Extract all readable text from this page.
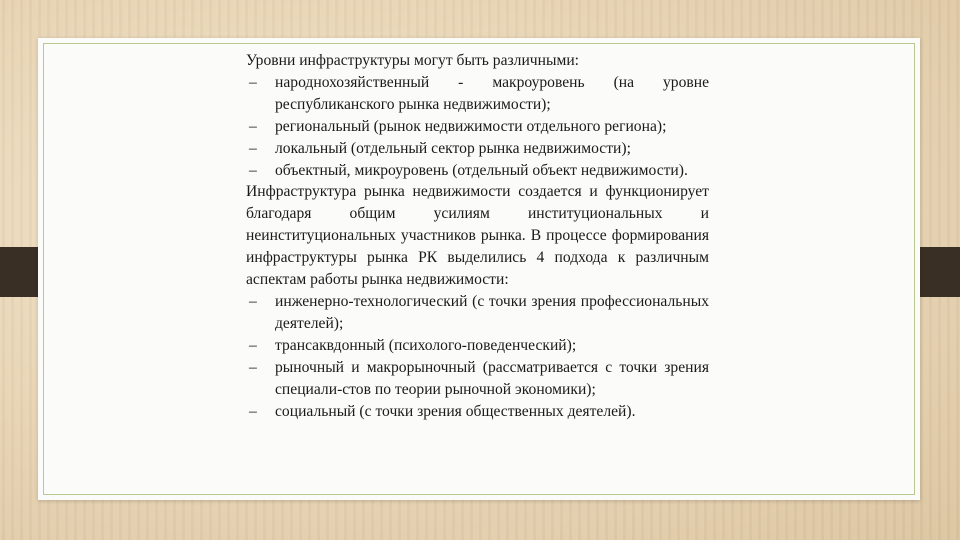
Уровни инфраструктуры могут быть различными:

– народнохозяйственный - макроуровень (на уровне республиканского рынка недвижимости);
– региональный (рынок недвижимости отдельного региона);
– локальный (отдельный сектор рынка недвижимости);
– объектный, микроуровень (отдельный объект недвижимости).

Инфраструктура рынка недвижимости создается и функционирует благодаря общим усилиям институциональных и неинституциональных участников рынка. В процессе формирования инфраструктуры рынка РК выделились 4 подхода к различным аспектам работы рынка недвижимости:

– инженерно-технологический (с точки зрения профессиональных деятелей);
– трансаквдонный (психолого-поведенческий);
– рыночный и макрорыночный (рассматривается с точки зрения специали-стов по теории рыночной экономики);
– социальный (с точки зрения общественных деятелей).
